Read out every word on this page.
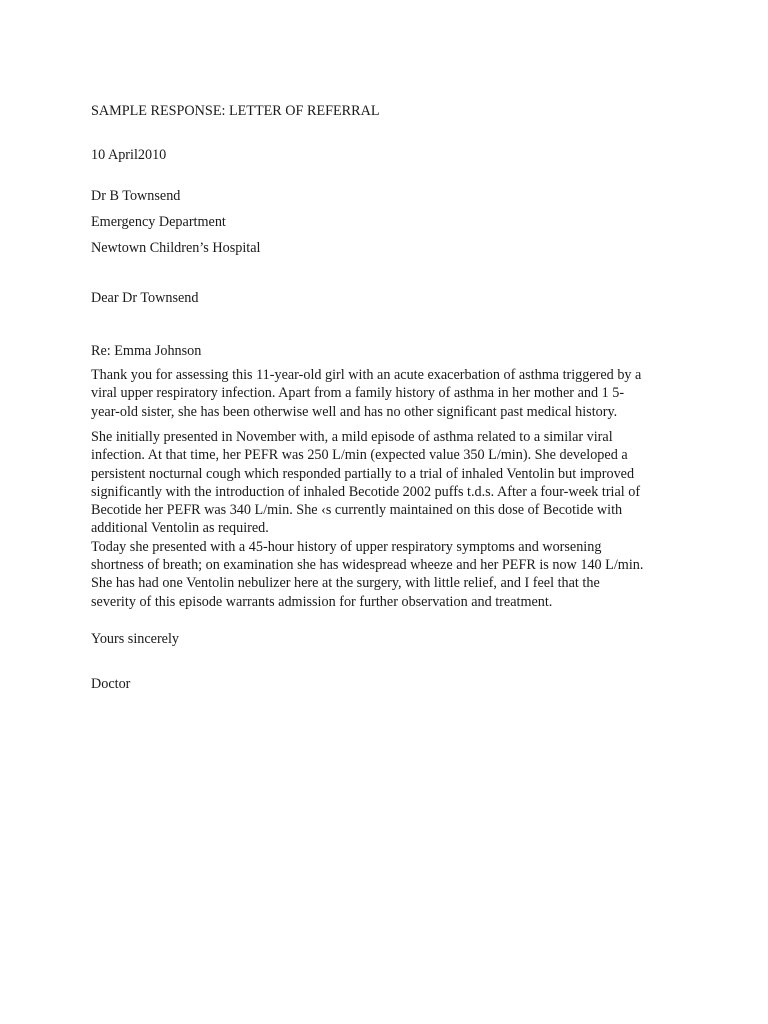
SAMPLE RESPONSE: LETTER OF REFERRAL

10 April2010

Dr B Townsend

Emergency Department

Newtown Children’s Hospital

Dear Dr Townsend

Re: Emma Johnson

Thank you for assessing this 11-year-old girl with an acute exacerbation of asthma triggered by a
viral upper respiratory infection. Apart from a family history of asthma in her mother and 1 5-
year-old sister, she has been otherwise well and has no other significant past medical history.

She initially presented in November with, a mild episode of asthma related to a similar viral
infection. At that time, her PEFR was 250 L/min (expected value 350 L/min). She developed a
persistent nocturnal cough which responded partially to a trial of inhaled Ventolin but improved
significantly with the introduction of inhaled Becotide 2002 puffs t.d.s. After a four-week trial of
Becotide her PEFR was 340 L/min. She ‹s currently maintained on this dose of Becotide with
additional Ventolin as required.
Today she presented with a 45-hour history of upper respiratory symptoms and worsening
shortness of breath; on examination she has widespread wheeze and her PEFR is now 140 L/min.
She has had one Ventolin nebulizer here at the surgery, with little relief, and I feel that the
severity of this episode warrants admission for further observation and treatment.

Yours sincerely

Doctor
